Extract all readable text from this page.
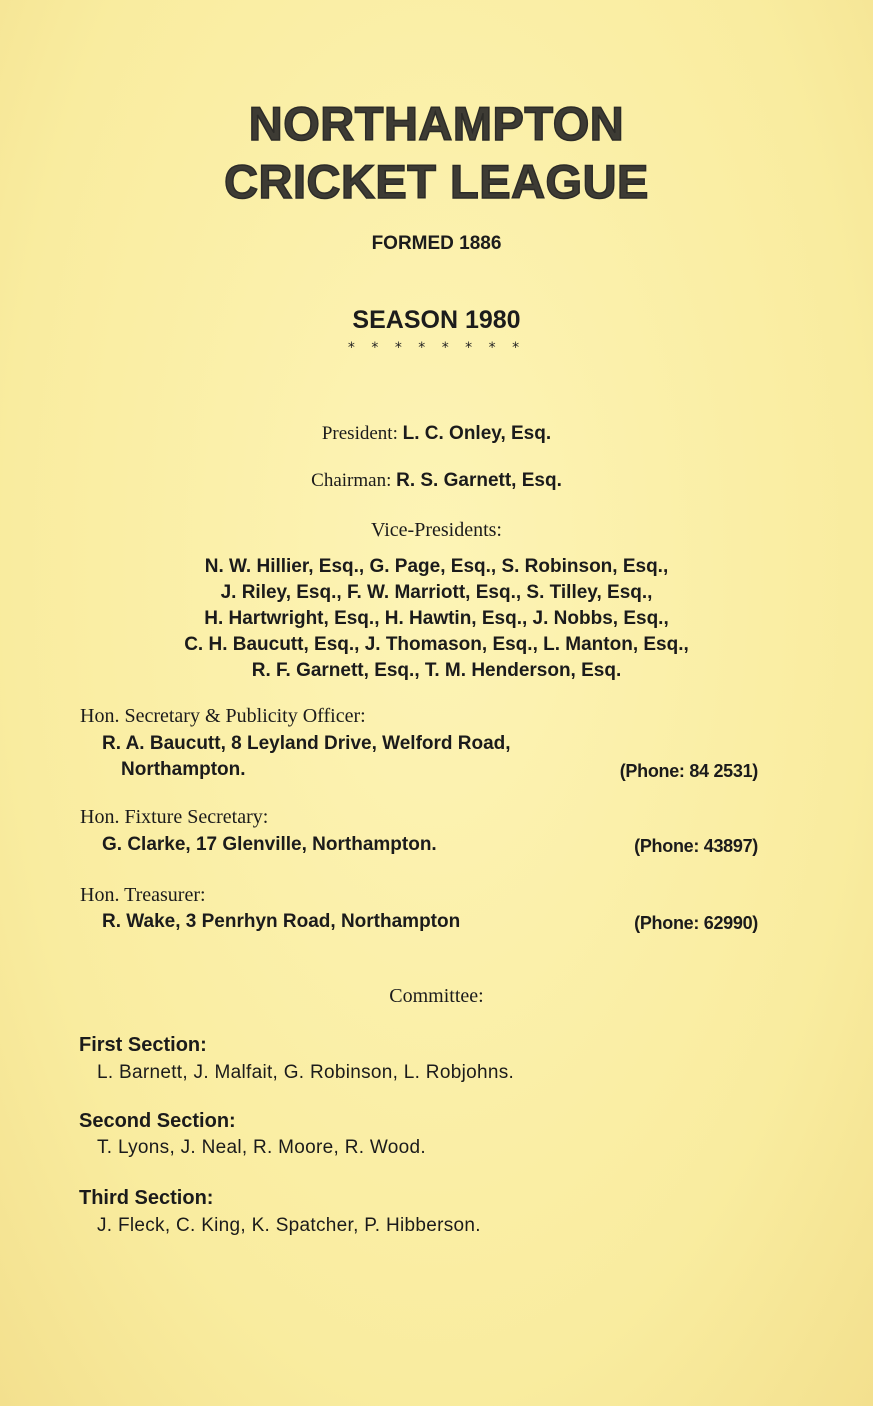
NORTHAMPTON
CRICKET LEAGUE
FORMED 1886
SEASON 1980
* * * * * * * *
President: L. C. Onley, Esq.
Chairman: R. S. Garnett, Esq.
Vice-Presidents:
N. W. Hillier, Esq., G. Page, Esq., S. Robinson, Esq.,
J. Riley, Esq., F. W. Marriott, Esq., S. Tilley, Esq.,
H. Hartwright, Esq., H. Hawtin, Esq., J. Nobbs, Esq.,
C. H. Baucutt, Esq., J. Thomason, Esq., L. Manton, Esq.,
R. F. Garnett, Esq., T. M. Henderson, Esq.
Hon. Secretary & Publicity Officer:
R. A. Baucutt, 8 Leyland Drive, Welford Road,
Northampton.	(Phone: 84 2531)
Hon. Fixture Secretary:
G. Clarke, 17 Glenville, Northampton.	(Phone: 43897)
Hon. Treasurer:
R. Wake, 3 Penrhyn Road, Northampton	(Phone: 62990)
Committee:
First Section:
L. Barnett, J. Malfait, G. Robinson, L. Robjohns.
Second Section:
T. Lyons, J. Neal, R. Moore, R. Wood.
Third Section:
J. Fleck, C. King, K. Spatcher, P. Hibberson.
